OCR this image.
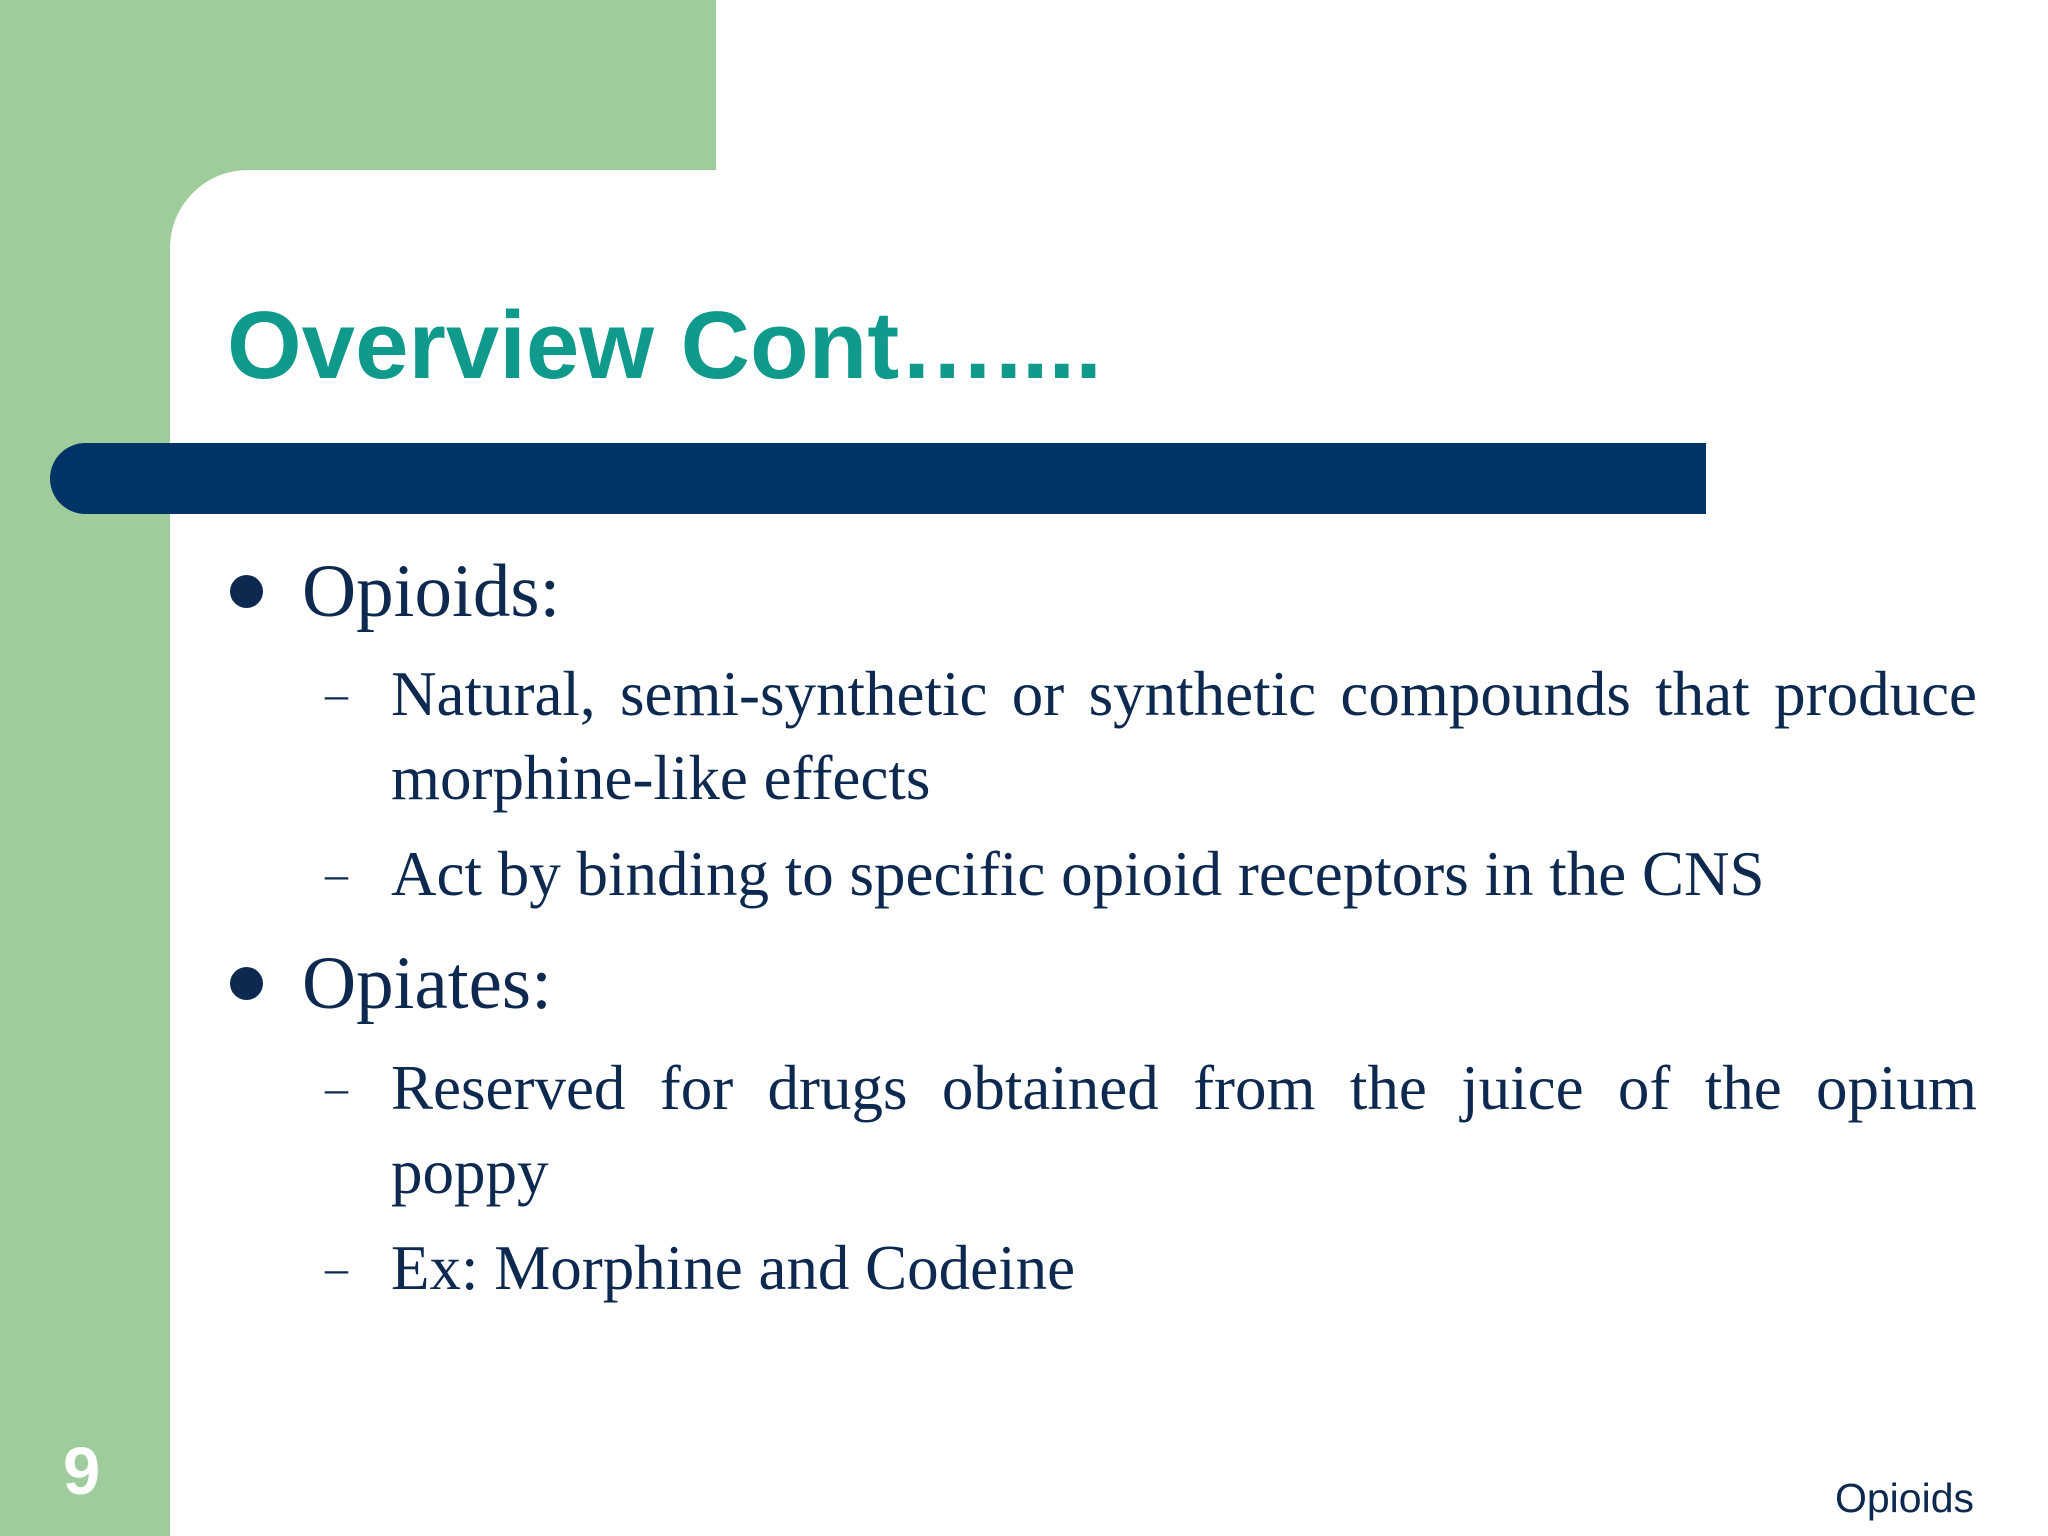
Overview Cont…....
Opioids:
– Natural, semi-synthetic or synthetic compounds that produce morphine-like effects
– Act by binding to specific opioid receptors in the CNS
Opiates:
– Reserved for drugs obtained from the juice of the opium poppy
– Ex: Morphine and Codeine
9	Opioids
